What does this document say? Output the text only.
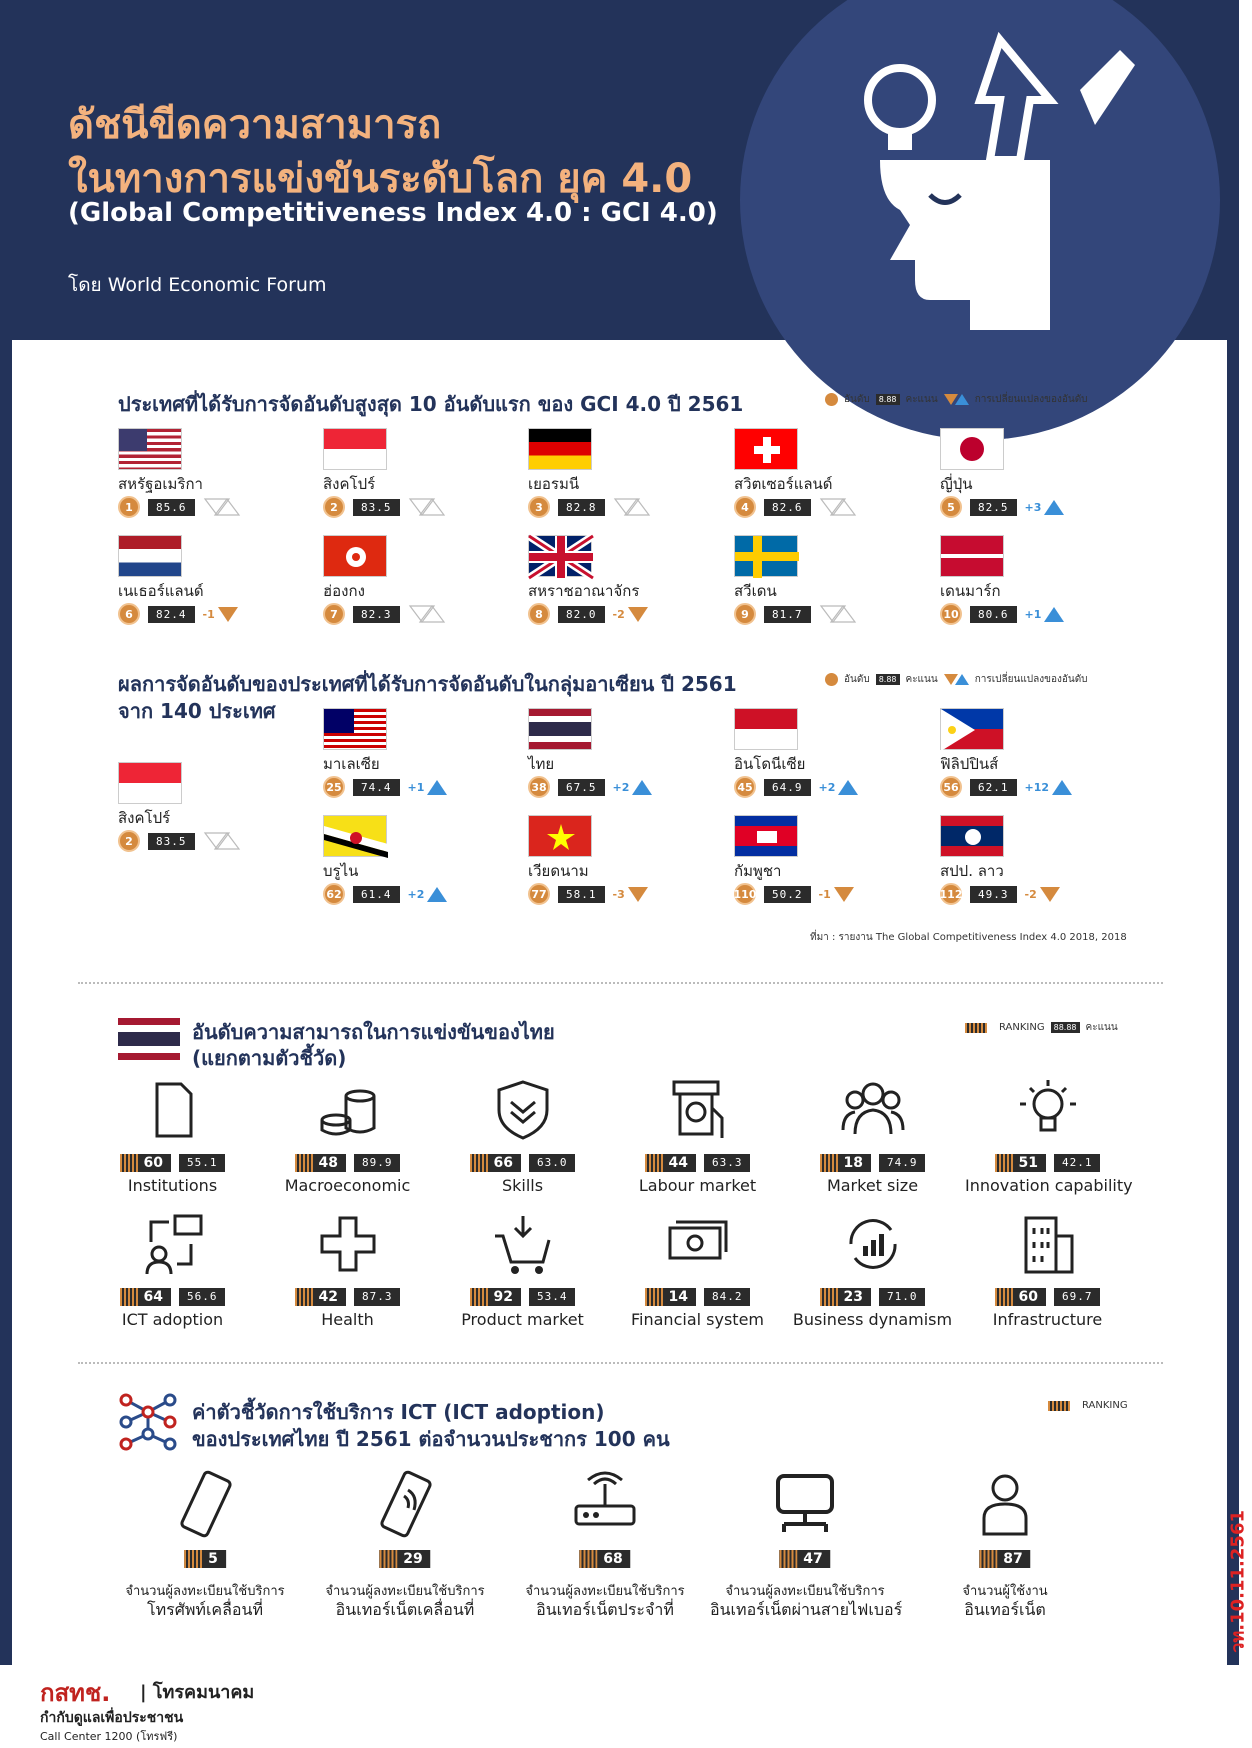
ดัชนีขีดความสามารถ
ในทางการแข่งขันระดับโลก ยุค 4.0
(Global Competitiveness Index 4.0 : GCI 4.0)
โดย World Economic Forum
ประเทศที่ได้รับการจัดอันดับสูงสุด 10 อันดับแรก ของ GCI 4.0 ปี 2561	อันดับ	8.88 คะแนน	การเปลี่ยนแปลงของอันดับ
สหรัฐอเมริกา
1	85.6
สิงคโปร์
2	83.5
เยอรมนี
3	82.8
สวิตเซอร์แลนด์
4	82.6
ญี่ปุ่น
5	82.5	+3
เนเธอร์แลนด์
6	82.4	-1
ฮ่องกง
7	82.3
สหราชอาณาจักร
8	82.0	-2
สวีเดน
9	81.7
เดนมาร์ก
10	80.6	+1
ผลการจัดอันดับของประเทศที่ได้รับการจัดอันดับในกลุ่มอาเซียน ปี 2561
จาก 140 ประเทศ
อันดับ	8.88 คะแนน	การเปลี่ยนแปลงของอันดับ
สิงคโปร์
2	83.5
มาเลเซีย
25	74.4	+1
ไทย
38	67.5	+2
อินโดนีเซีย
45	64.9	+2
ฟิลิปปินส์
56	62.1	+12
บรูไน
62	61.4	+2
เวียดนาม
77	58.1	-3
กัมพูชา
110	50.2	-1
สปป. ลาว
112	49.3	-2
ที่มา : รายงาน The Global Competitiveness Index 4.0 2018, 2018
อันดับความสามารถในการแข่งขันของไทย
(แยกตามตัวชี้วัด)
RANKING	88.88 คะแนน
60	55.1
Institutions
48	89.9
Macroeconomic
66	63.0
Skills
44	63.3
Labour market
18	74.9
Market size
51	42.1
Innovation capability
64	56.6
ICT adoption
42	87.3
Health
92	53.4
Product market
14	84.2
Financial system
23	71.0
Business dynamism
60	69.7
Infrastructure
ค่าตัวชี้วัดการใช้บริการ ICT (ICT adoption)
ของประเทศไทย ปี 2561 ต่อจำนวนประชากร 100 คน
RANKING
5
จำนวนผู้ลงทะเบียนใช้บริการ
โทรศัพท์เคลื่อนที่
29
จำนวนผู้ลงทะเบียนใช้บริการ
อินเทอร์เน็ตเคลื่อนที่
68
จำนวนผู้ลงทะเบียนใช้บริการ
อินเทอร์เน็ตประจำที่
47
จำนวนผู้ลงทะเบียนใช้บริการ
อินเทอร์เน็ตผ่านสายไฟเบอร์
87
จำนวนผู้ใช้งาน
อินเทอร์เน็ต	วท.10.11.2561
กสทช. | โทรคมนาคม
กำกับดูแลเพื่อประชาชน
Call Center 1200 (โทรฟรี)
